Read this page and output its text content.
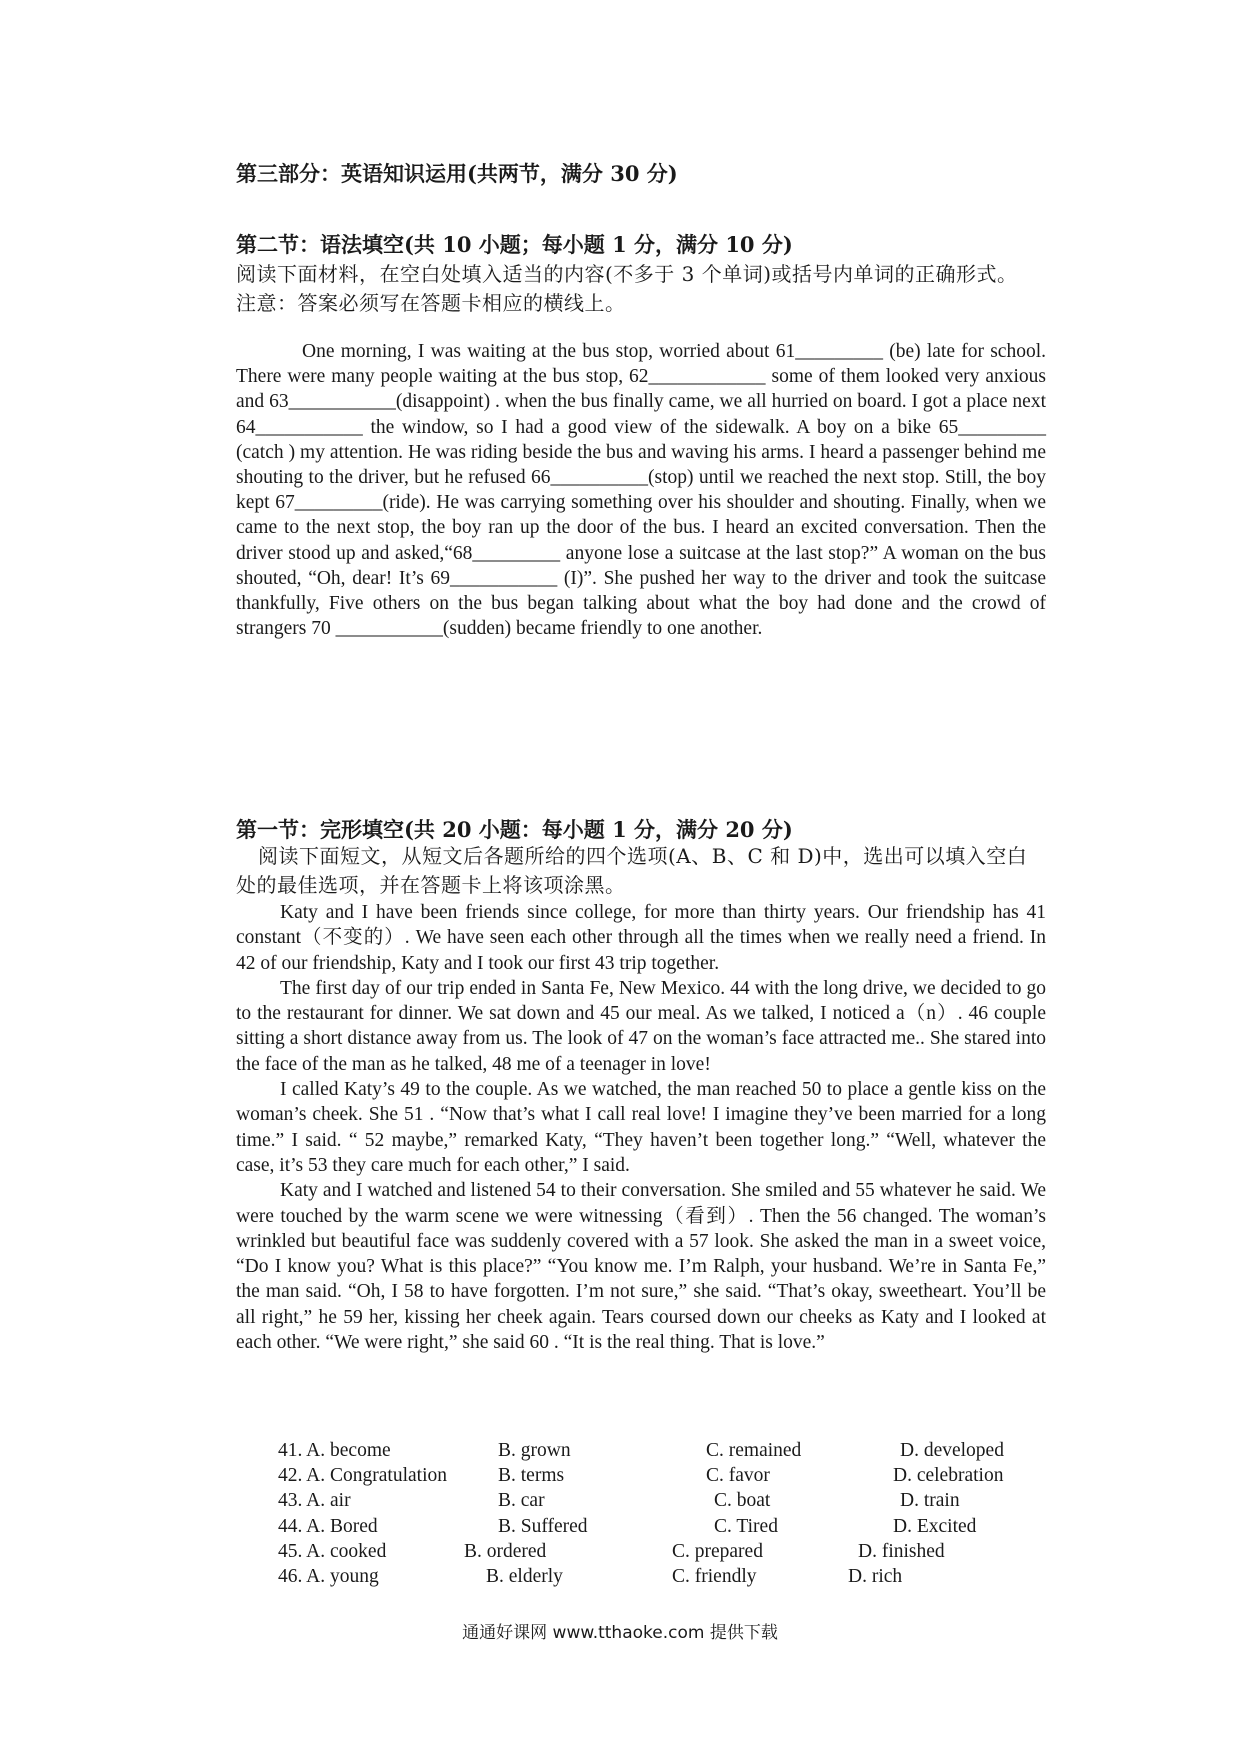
第三部分：英语知识运用(共两节，满分 30 分)
第二节：语法填空(共 10 小题；每小题 1 分，满分 10 分)
阅读下面材料，在空白处填入适当的内容(不多于 3 个单词)或括号内单词的正确形式。
注意：答案必须写在答题卡相应的横线上。

One morning, I was waiting at the bus stop, worried about 61_________ (be) late for school. There were many people waiting at the bus stop, 62____________ some of them looked very anxious and 63___________(disappoint) . when the bus finally came, we all hurried on board. I got a place next 64___________ the window, so I had a good view of the sidewalk. A boy on a bike 65_________ (catch ) my attention. He was riding beside the bus and waving his arms. I heard a passenger behind me shouting to the driver, but he refused 66__________(stop) until we reached the next stop. Still, the boy kept 67_________(ride). He was carrying something over his shoulder and shouting. Finally, when we came to the next stop, the boy ran up the door of the bus. I heard an excited conversation. Then the driver stood up and asked,“68_________ anyone lose a suitcase at the last stop?” A woman on the bus shouted, “Oh, dear! It’s 69___________ (I)”. She pushed her way to the driver and took the suitcase thankfully, Five others on the bus began talking about what the boy had done and the crowd of strangers 70 ___________(sudden) became friendly to one another.

第一节：完形填空(共 20 小题：每小题 1 分，满分 20 分)
阅读下面短文，从短文后各题所给的四个选项(A、B、C 和 D)中，选出可以填入空白处的最佳选项，并在答题卡上将该项涂黑。
Katy and I have been friends since college, for more than thirty years. Our friendship has 41 constant（不变的）. We have seen each other through all the times when we really need a friend. In 42 of our friendship, Katy and I took our first 43 trip together.
The first day of our trip ended in Santa Fe, New Mexico. 44 with the long drive, we decided to go to the restaurant for dinner. We sat down and 45 our meal. As we talked, I noticed a（n）. 46 couple sitting a short distance away from us. The look of 47 on the woman’s face attracted me.. She stared into the face of the man as he talked, 48 me of a teenager in love!
I called Katy’s 49 to the couple. As we watched, the man reached 50 to place a gentle kiss on the woman’s cheek. She 51 . “Now that’s what I call real love! I imagine they’ve been married for a long time.” I said. “ 52 maybe,” remarked Katy, “They haven’t been together long.” “Well, whatever the case, it’s 53 they care much for each other,” I said.
Katy and I watched and listened 54 to their conversation. She smiled and 55 whatever he said. We were touched by the warm scene we were witnessing（看到）. Then the 56 changed. The woman’s wrinkled but beautiful face was suddenly covered with a 57 look. She asked the man in a sweet voice, “Do I know you? What is this place?” “You know me. I’m Ralph, your husband. We’re in Santa Fe,” the man said. “Oh, I 58 to have forgotten. I’m not sure,” she said. “That’s okay, sweetheart. You’ll be all right,” he 59 her, kissing her cheek again. Tears coursed down our cheeks as Katy and I looked at each other. “We were right,” she said 60 . “It is the real thing. That is love.”
41. A. become	B. grown	C. remained	D. developed
42. A. Congratulation	B. terms	C. favor	D. celebration
43. A. air	B. car	C. boat	D. train
44. A. Bored	B. Suffered	C. Tired	D. Excited
45. A. cooked	B. ordered	C. prepared	D. finished
46. A. young	B. elderly	C. friendly	D. rich
通通好课网 www.tthaoke.com 提供下载
